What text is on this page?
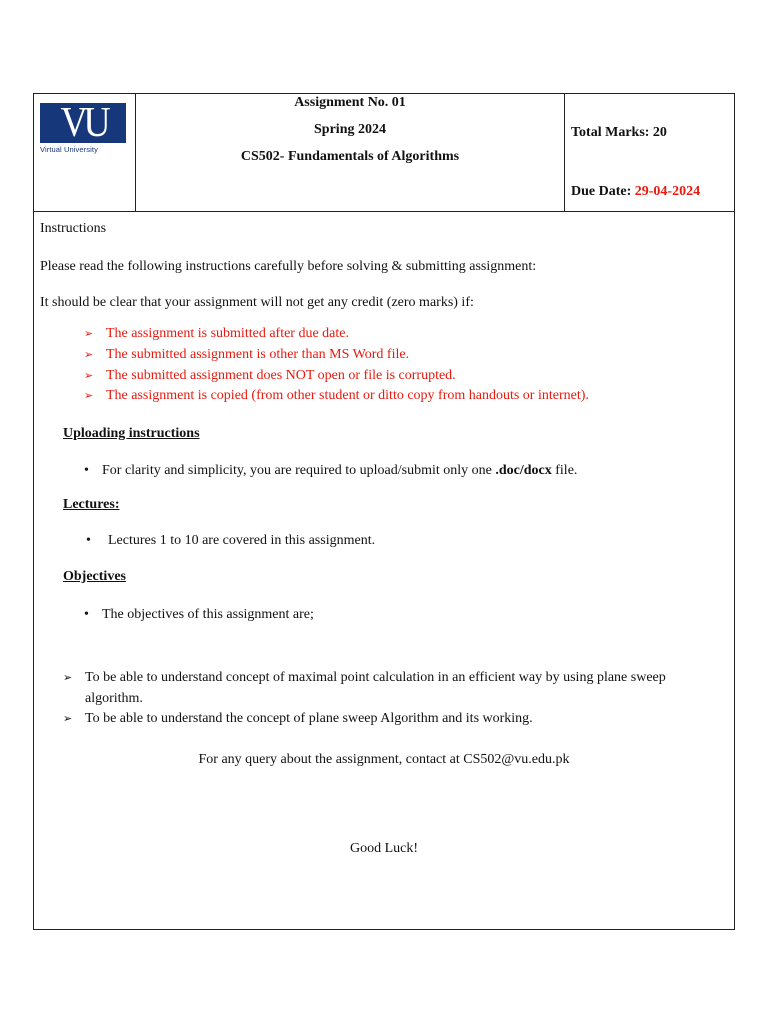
VU
Virtual University
Assignment No. 01
Spring 2024
CS502- Fundamentals of Algorithms
Total Marks: 20
Due Date: 29-04-2024
Instructions
Please read the following instructions carefully before solving & submitting assignment:
It should be clear that your assignment will not get any credit (zero marks) if:
➢ The assignment is submitted after due date.
➢ The submitted assignment is other than MS Word file.
➢ The submitted assignment does NOT open or file is corrupted.
➢ The assignment is copied (from other student or ditto copy from handouts or internet).
Uploading instructions
• For clarity and simplicity, you are required to upload/submit only one .doc/docx file.
Lectures:
• Lectures 1 to 10 are covered in this assignment.
Objectives
• The objectives of this assignment are;
➢ To be able to understand concept of maximal point calculation in an efficient way by using plane sweep
algorithm.
➢ To be able to understand the concept of plane sweep Algorithm and its working.
For any query about the assignment, contact at CS502@vu.edu.pk
Good Luck!
